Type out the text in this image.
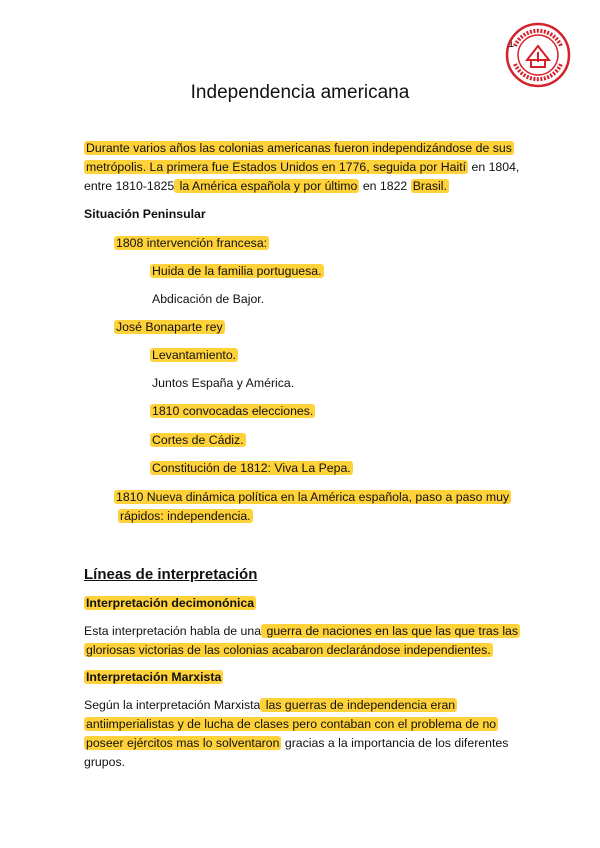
1
Independencia americana
Durante varios años las colonias americanas fueron independizándose de sus
metrópolis. La primera fue Estados Unidos en 1776, seguida por Haití en 1804,
entre 1810-1825 la América española y por último en 1822 Brasil.
Situación Peninsular
1808 intervención francesa:
Huida de la familia portuguesa.
Abdicación de Bajor.
José Bonaparte rey
Levantamiento.
Juntos España y América.
1810 convocadas elecciones.
Cortes de Cádiz.
Constitución de 1812: Viva La Pepa.
1810 Nueva dinámica política en la América española, paso a paso muy
rápidos: independencia.
Líneas de interpretación
Interpretación decimonónica
Esta interpretación habla de una guerra de naciones en las que las que tras las
gloriosas victorias de las colonias acabaron declarándose independientes.
Interpretación Marxista
Según la interpretación Marxista las guerras de independencia eran
antiimperialistas y de lucha de clases pero contaban con el problema de no
poseer ejércitos mas lo solventaron gracias a la importancia de los diferentes
grupos.
